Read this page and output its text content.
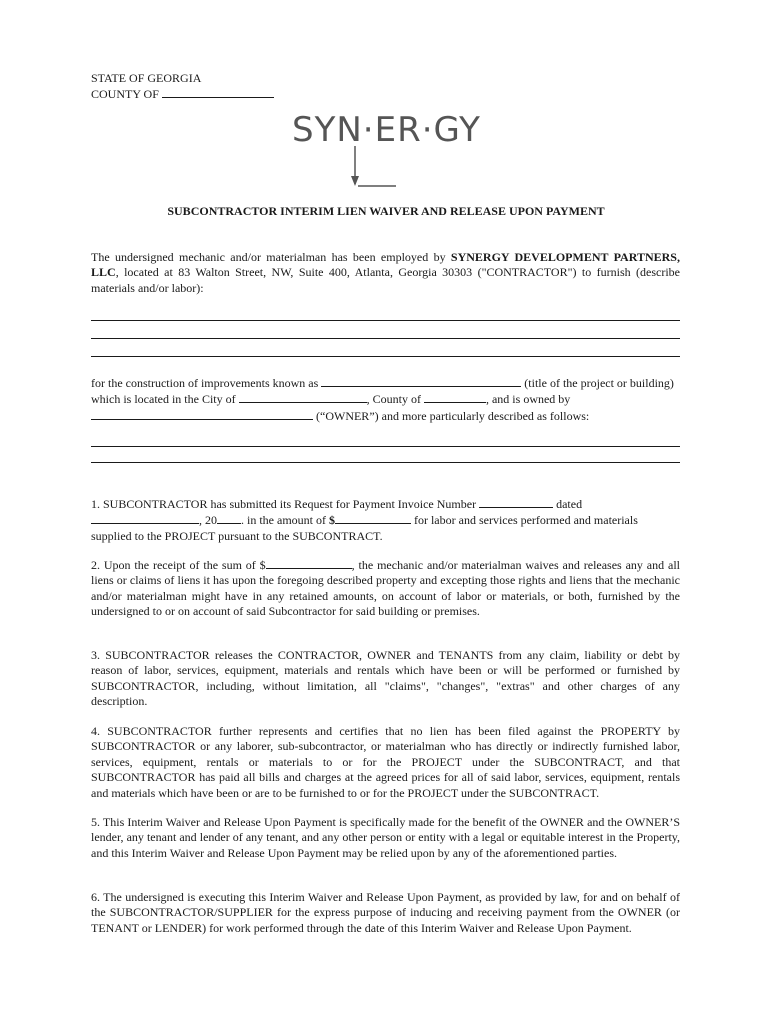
STATE OF GEORGIA
COUNTY OF
SYN·ER·GY
SUBCONTRACTOR INTERIM LIEN WAIVER AND RELEASE UPON PAYMENT
The undersigned mechanic and/or materialman has been employed by SYNERGY DEVELOPMENT PARTNERS, LLC, located at 83 Walton Street, NW, Suite 400, Atlanta, Georgia 30303 ("CONTRACTOR") to furnish (describe materials and/or labor):
for the construction of improvements known as	(title of the project or building) which is located in the City of	, County of	, and is owned by
(“OWNER”) and more particularly described as follows:
1. SUBCONTRACTOR has submitted its Request for Payment Invoice Number	dated
, 20 . in the amount of $	for labor and services performed and materials supplied to the PROJECT pursuant to the SUBCONTRACT.
2. Upon the receipt of the sum of $	, the mechanic and/or materialman waives and releases any and all liens or claims of liens it has upon the foregoing described property and excepting those rights and liens that the mechanic and/or materialman might have in any retained amounts, on account of labor or materials, or both, furnished by the undersigned to or on account of said Subcontractor for said building or premises.
3. SUBCONTRACTOR releases the CONTRACTOR, OWNER and TENANTS from any claim, liability or debt by reason of labor, services, equipment, materials and rentals which have been or will be performed or furnished by SUBCONTRACTOR, including, without limitation, all "claims", "changes", "extras" and other charges of any description.
4. SUBCONTRACTOR further represents and certifies that no lien has been filed against the PROPERTY by SUBCONTRACTOR or any laborer, sub-subcontractor, or materialman who has directly or indirectly furnished labor, services, equipment, rentals or materials to or for the PROJECT under the SUBCONTRACT, and that SUBCONTRACTOR has paid all bills and charges at the agreed prices for all of said labor, services, equipment, rentals and materials which have been or are to be furnished to or for the PROJECT under the SUBCONTRACT.
5. This Interim Waiver and Release Upon Payment is specifically made for the benefit of the OWNER and the OWNER’S lender, any tenant and lender of any tenant, and any other person or entity with a legal or equitable interest in the Property, and this Interim Waiver and Release Upon Payment may be relied upon by any of the aforementioned parties.
6. The undersigned is executing this Interim Waiver and Release Upon Payment, as provided by law, for and on behalf of the SUBCONTRACTOR/SUPPLIER for the express purpose of inducing and receiving payment from the OWNER (or TENANT or LENDER) for work performed through the date of this Interim Waiver and Release Upon Payment.
